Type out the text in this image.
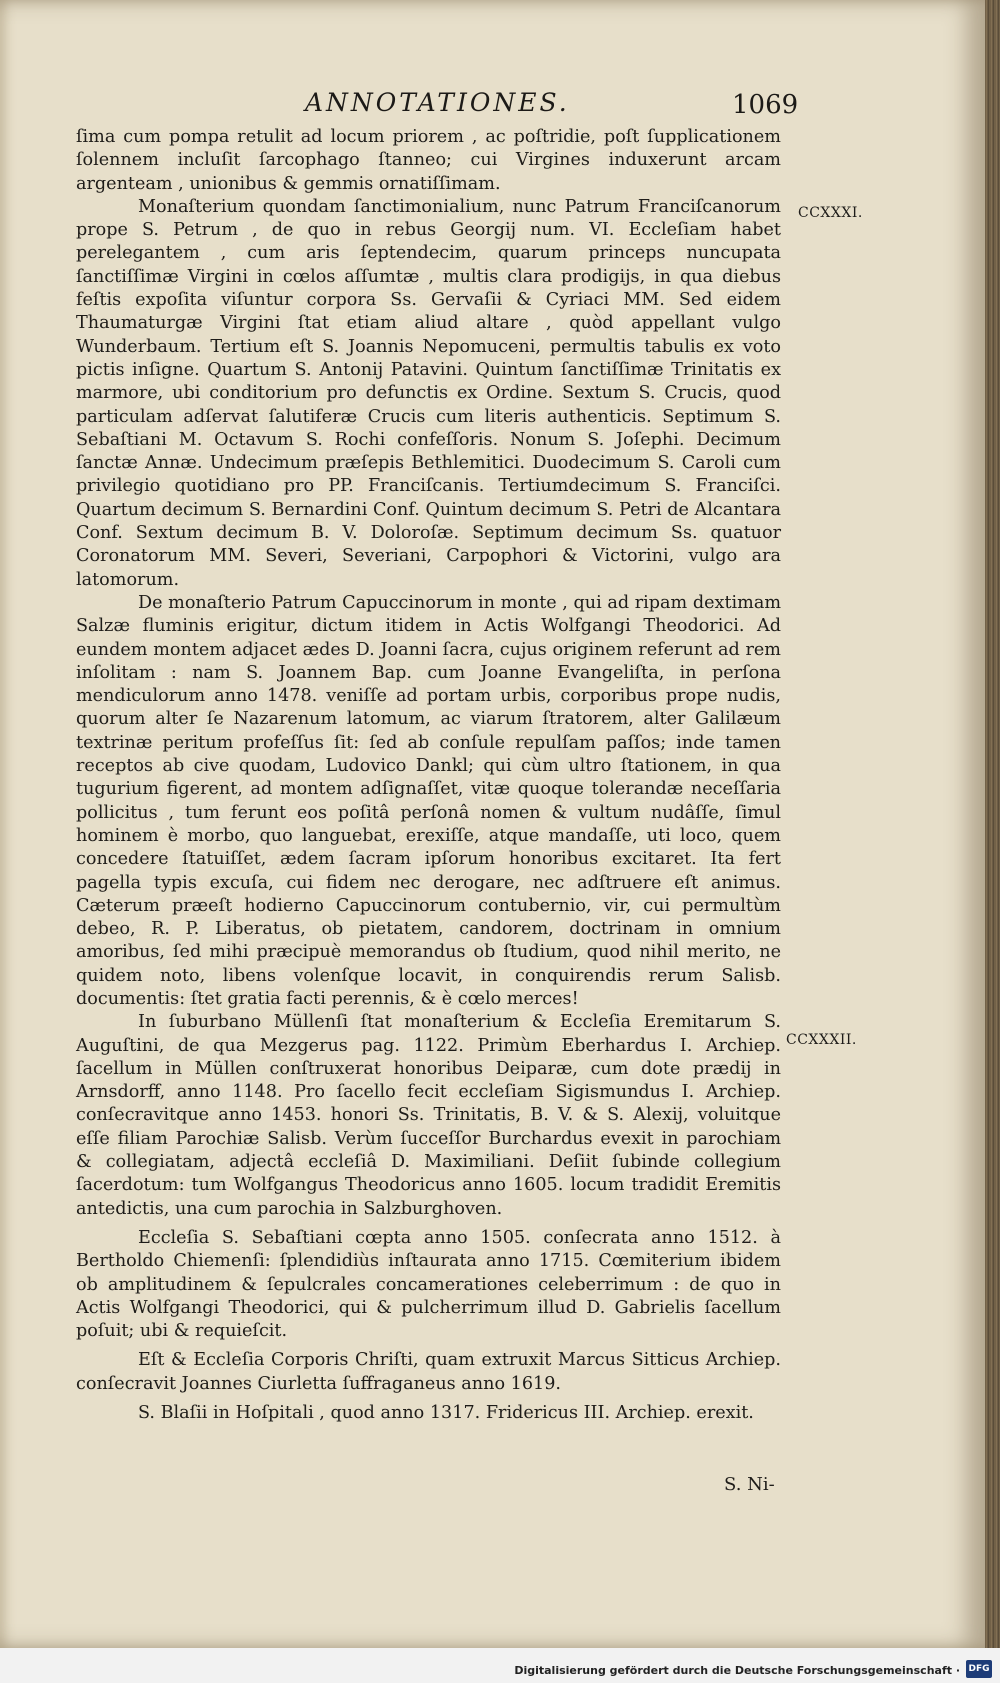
ANNOTATIONES.	1069
CCXXXI.
CCXXXII.

ſima cum pompa retulit ad locum priorem , ac poſtridie, poſt ſupplicationem ſolennem incluſit ſarcophago ſtanneo; cui Virgines induxerunt arcam argenteam , unionibus & gemmis ornatiſſimam.

Monaſterium quondam ſanctimonialium, nunc Patrum Franciſcanorum prope S. Petrum , de quo in rebus Georgij num. VI. Eccleſiam habet perelegantem , cum aris ſeptendecim, quarum princeps nuncupata ſanctiſſimæ Virgini in cœlos aſſumtæ , multis clara prodigijs, in qua diebus feſtis expoſita viſuntur corpora Ss. Gervaſii & Cyriaci MM. Sed eidem Thaumaturgæ Virgini ſtat etiam aliud altare , quòd appellant vulgo Wunderbaum. Tertium eſt S. Joannis Nepomuceni, permultis tabulis ex voto pictis inſigne. Quartum S. Antonij Patavini. Quintum ſanctiſſimæ Trinitatis ex marmore, ubi conditorium pro defunctis ex Ordine. Sextum S. Crucis, quod particulam adſervat ſalutiferæ Crucis cum literis authenticis. Septimum S. Sebaſtiani M. Octavum S. Rochi confeſſoris. Nonum S. Joſephi. Decimum ſanctæ Annæ. Undecimum præſepis Bethlemitici. Duodecimum S. Caroli cum privilegio quotidiano pro PP. Franciſcanis. Tertiumdecimum S. Franciſci. Quartum decimum S. Bernardini Conf. Quintum decimum S. Petri de Alcantara Conf. Sextum decimum B. V. Doloroſæ. Septimum decimum Ss. quatuor Coronatorum MM. Severi, Severiani, Carpophori & Victorini, vulgo ara latomorum.

De monaſterio Patrum Capuccinorum in monte , qui ad ripam dextimam Salzæ fluminis erigitur, dictum itidem in Actis Wolfgangi Theodorici. Ad eundem montem adjacet ædes D. Joanni ſacra, cujus originem referunt ad rem inſolitam : nam S. Joannem Bap. cum Joanne Evangeliſta, in perſona mendiculorum anno 1478. veniſſe ad portam urbis, corporibus prope nudis, quorum alter ſe Nazarenum latomum, ac viarum ſtratorem, alter Galilæum textrinæ peritum profeſſus ſit: ſed ab conſule repulſam paſſos; inde tamen receptos ab cive quodam, Ludovico Dankl; qui cùm ultro ſtationem, in qua tugurium figerent, ad montem adſignaſſet, vitæ quoque tolerandæ neceſſaria pollicitus , tum ferunt eos poſitâ perſonâ nomen & vultum nudâſſe, ſimul hominem è morbo, quo languebat, erexiſſe, atque mandaſſe, uti loco, quem concedere ſtatuiſſet, ædem ſacram ipſorum honoribus excitaret. Ita fert pagella typis excuſa, cui fidem nec derogare, nec adſtruere eſt animus. Cæterum præeſt hodierno Capuccinorum contubernio, vir, cui permultùm debeo, R. P. Liberatus, ob pietatem, candorem, doctrinam in omnium amoribus, ſed mihi præcipuè memorandus ob ſtudium, quod nihil merito, ne quidem noto, libens volenſque locavit, in conquirendis rerum Salisb. documentis: ſtet gratia facti perennis, & è cœlo merces!

In ſuburbano Müllenſi ſtat monaſterium & Eccleſia Eremitarum S. Auguſtini, de qua Mezgerus pag. 1122. Primùm Eberhardus I. Archiep. ſacellum in Müllen conſtruxerat honoribus Deiparæ, cum dote prædij in Arnsdorff, anno 1148. Pro ſacello fecit eccleſiam Sigismundus I. Archiep. conſecravitque anno 1453. honori Ss. Trinitatis, B. V. & S. Alexij, voluitque eſſe filiam Parochiæ Salisb. Verùm ſucceſſor Burchardus evexit in parochiam & collegiatam, adjectâ eccleſiâ D. Maximiliani. Deſiit ſubinde collegium ſacerdotum: tum Wolfgangus Theodoricus anno 1605. locum tradidit Eremitis antedictis, una cum parochia in Salzburghoven.

Eccleſia S. Sebaſtiani cœpta anno 1505. conſecrata anno 1512. à Bertholdo Chiemenſi: ſplendidiùs inſtaurata anno 1715. Cœmiterium ibidem ob amplitudinem & ſepulcrales concamerationes celeberrimum : de quo in Actis Wolfgangi Theodorici, qui & pulcherrimum illud D. Gabrielis ſacellum poſuit; ubi & requieſcit.

Eſt & Eccleſia Corporis Chriſti, quam extruxit Marcus Sitticus Archiep. conſecravit Joannes Ciurletta ſuffraganeus anno 1619.

S. Blaſii in Hoſpitali , quod anno 1317. Fridericus III. Archiep. erexit.

S. Ni-
Digitalisierung gefördert durch die Deutsche Forschungsgemeinschaft · DFG
